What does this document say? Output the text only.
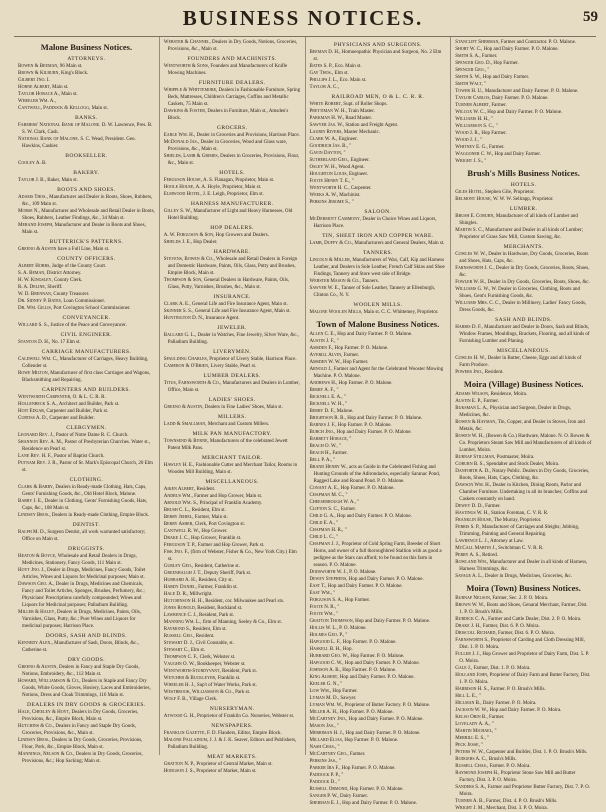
BUSINESS NOTICES.	59
Malone Business Notices.
ATTORNEYS.
Bowen & Beeman, 96 Main st.
Brown & Kilburn, King's Block.
Gilbert Jno. I.
Horne Albert, Main st.
Taylor Horace A., Main st.
Wheeler Wm. A.,
Cantwell, Paddock & Kellogg, Main st.
BANKS.
Farmers' National Bank of Malone. D. W. Lawrence, Pres. B. S. W. Clark, Cash.
National Bank of Malone. S. C. Wead, President. Geo. Hawkins, Cashier.
BOOKSELLER.
Cooley A. B.
BAKERY.
Taylor J. B., Baker, Main st.
BOOTS AND SHOES.
Adams Thos., Manufacturer and Dealer in Boots, Shoes, Rubbers, &c., 109 Main st.
Morse N., Manufacturer and Wholesale and Retail Dealer in Boots, Shoes, Rubbers, Leather Findings, &c., 34 Main st.
Merand Joseph, Manufacturer and Dealer in Boots and Shoes, Main st.
BUTTERICK'S PATTERNS.
Greeno & Austin have a Full Line, Main st.
COUNTY OFFICERS.
Albert Hobbs, Judge of the County Court.
S. A. Beman, District Attorney.
H. W. Kingsley, County Clerk.
R. A. Deline, Sheriff.
W. D. Brennan, County Treasurer.
Dr. Sidney P. Bates, Loan Commissioner.
Dr. Wm. Gillis, Port Covington School Commissioner.
CONVEYANCER.
Willard S. S., Justice of the Peace and Conveyancer.
CIVIL ENGINEER.
Stanton D. H., No. 17 Elm st.
CARRIAGE MANUFACTURERS.
Caldwell Wm. C., Manufacturer of Carriages, Heavy Building, Collender st.
Rowe Milton, Manufacturer of first class Carriages and Wagons, Blacksmithing and Repairing.
CARPENTERS AND BUILDERS.
Wentworth Carpenter, O. & L. C. R. R.
Hollenbeck S. A., Architect and Builder, Park st.
Hoit Edgar, Carpenter and Builder, Park st.
Curtiss A. D., Carpenter and Builder.
CLERGYMEN.
Leonard Rev. J., Pastor of Notre Dame R. C. Church.
Shannon Rev. A. M., Pastor of Presbyterian Churches. Water st., Residence on Pearl st.
Lane Rev. H. F., Pastor of Baptist Church.
Putnam Rev. J. R., Pastor of St. Mark's Episcopal Church, 20 Elm st.
CLOTHING.
Clark & Barry, Dealers in Ready-made Clothing, Hats, Caps, Gents' Furnishing Goods, &c., Old Hotel Block, Malone.
Barry J. E., Dealer in Clothing, Gents' Furnishing Goods, Hats, Caps, &c., 108 Main st.
Lindsey Bros., Dealers in Ready-made Clothing, Empire Block.
DENTIST.
Ralph M. D., Surgeon Dentist, all work warranted satisfactory; Office on Main st.
DRUGGISTS.
Heaton & Boyce, Wholesale and Retail Dealers in Drugs, Medicines, Stationery, Fancy Goods, 111 Main st.
Hoyt Jno. J., Dealer in Drugs, Medicines, Fancy Goods, Toilet Articles, Wines and Liquors for Medicinal purposes; Main st.
Dawson Geo. A., Dealer in Drugs, Medicines and Chemicals, Fancy and Toilet Articles, Sponges, Brushes, Perfumery, &c.; Physicians' Prescriptions carefully compounded; Wines and Liquors for Medicinal purposes; Palladium Building.
Miller & Haley, Dealers in Drugs, Medicines, Paints, Oils, Varnishes, Glass, Putty, &c.; Pure Wines and Liquors for medicinal purposes; Harrison Place.
DOORS, SASH AND BLINDS.
Kennedy Alex., Manufacturer of Sash, Doors, Blinds, &c., Catherine st.
DRY GOODS.
Greeno & Austin, Dealers in Fancy and Staple Dry Goods, Notions, Embroidery, &c., 112 Main st.
Howard, Williamson & Co., Dealers in Staple and Fancy Dry Goods, White Goods, Gloves, Hosiery, Laces and Embroideries, Notions, Dress and Cloak Trimmings, 116 Main st.
DEALERS IN DRY GOODS & GROCERIES.
Hale, Cheeley & Hoyt, Dealers in Dry Goods, Groceries, Provisions, &c., Empire Block, Main st.
Hutchins & Co., Dealers in Fancy and Staple Dry Goods, Groceries, Provisions, &c., Main st.
Lindsey Bros., Dealers in Dry Goods, Groceries, Provisions, Flour, Pork, &c., Empire Block, Main st.
Mannings, Nelson & Co., Dealers in Dry Goods, Groceries, Provisions, &c.; Hop Sacking; Main st.
Webster & Channel, Dealers in Dry Goods, Notions, Groceries, Provisions, &c., Main st.
FOUNDERS AND MACHINISTS.
Wentworth & Sons, Founders and Manufacturers of Knifle Mowing Machines.
FURNITURE DEALERS.
Whipple & Whittemore, Dealers in Fashionable Furniture, Spring Beds, Mattresses, Children's Carriages, Coffins and Metallic Caskets, 75 Main st.
Dawkins & Foster, Dealers in Furniture, Main st., Amsden's Block.
GROCERS.
Earle Wm. H., Dealer in Groceries and Provisions, Harrison Place.
McDonald Jas., Dealer in Groceries, Wood and Glass ware, Provisions, &c., Main st.
Shields, Lamb & Grimes, Dealers in Groceries, Provisions, Flour, &c., Main st.
HOTELS.
Ferguson House, A. S. Flanagan, Proprietor, Main st.
Hoole House, A. A. Hoyle, Proprietor, Main st.
Elmwood Hotel, J. E. Leigh, Proprietor, Elm st.
HARNESS MANUFACTURER.
Gilley S. W., Manufacturer of Light and Heavy Harnesses, Old Hotel Building.
HOP DEALERS.
A. W. Ferguson & Son, Hop Growers and Dealers.
Shields J. E., Hop Dealer.
HARDWARE.
Stevens, Bowen & Co., Wholesale and Retail Dealers in Foreign and Domestic Hardware, Paints, Oils, Glass, Putty and Brushes, Empire Block, Main st.
Thompson & Son, General Dealers in Hardware, Paints, Oils, Glass, Putty, Varnishes, Brushes, &c., Main st.
INSURANCE.
Clark A. E., General Life and Fire Insurance Agent, Main st.
Skinner S. S., General Life and Fire Insurance Agent, Main st.
Huntington D. N., Insurance Agent.
JEWELER.
Ballard G. L., Dealer in Watches, Fine Jewelry, Silver Ware, &c., Palladium Building.
LIVERYMEN.
Spaulding Charles, Proprietor of Livery Stable, Harrison Place.
Cameron & O'Brien, Livery Stable, Pearl st.
LUMBER DEALERS.
Titus, Farnsworth & Co., Manufacturers and Dealers in Lumber, Office, Main st.
LADIES' SHOES.
Greeno & Austin, Dealers in Fine Ladies' Shoes, Main st.
MILLERS.
Ladd & Smallman, Merchant and Custom Millers.
MILK PAN MANUFACTORY.
Townsend & Byrne, Manufacturers of the celebrated Jewett Patent Milk Pans.
MERCHANT TAILOR.
Hawley H. E., Fashionable Cutter and Merchant Tailor, Rooms in Wooden Mill Building, Main st.
MISCELLANEOUS.
Aiken Albert, Resident.
Andrus Wm., Farmer and Hop Grower, Main st.
Arnold Wm. S., Principal of Franklin Academy.
Brush C. L., Resident, Elm st.
Berry Jehiel, Farmer, Main st.
Berry Asher, Clerk, Port Covington st.
Cantwell R. W., Hop Grower.
Drake J. C., Hop Grower, Franklin st.
Ferguson T. P., Farmer and Hop Grower, Park st.
Fisk Jno. F., (firm of Webster, Fisher & Co., New York City.) Elm st.
Gurley Geo., Resident, Catherine st.
Greenhalgh J. T., Deputy Sheriff, Park st.
Hubbard A. H., Resident, City st.
Hardy Daniel, Farmer, Franklin st.
Hale D. R., Millwright.
Hutchinson H. H., Resident, cor. Milwaukee and Pearl sts.
Jones Ronold, Resident, Rockland st.
Lawrence C. J., Resident, Park st.
Manning Wm. L., firm of Manning, Seeley & Co., Elm st.
Raymond S., Resident, Elm st.
Russell Geo., Resident.
Stewart D. J., Civil Constable, st.
Stewart C., Elm st.
Thompson C. F., Clerk, Webster st.
Vaughn O. W., Bookkeeper, Webster st.
Wentworth-Sturdyvant, Resident, Park st.
Wetcher & Buckleyer, Franklin st.
Wheeler H. J., Sup't of Water Works, Park st.
Westbrook, Williamson & Co., Park st.
Wolf F. B., Village Clerk.
NURSERYMAN.
Atwood G. H., Proprietor of Franklin Co. Nurseries, Webster st.
NEWSPAPERS.
Franklin Gazette, F. D. Flanders, Editor, Empire Block.
Malone Palladium, J. J. & J. K. Seaver, Editors and Publishers, Palladium Building.
MEAT MARKETS.
Gratton N. P., Proprietor of Central Market, Main st.
Hodgson J. S., Proprietor of Market, Main st.
PHYSICIANS AND SURGEONS.
Beeman D. H., Homoeopathic Physician and Surgeon, No. 2 Elm st.
Bates S. P., Eco. Main st.
Gay Thos., Elm st.
Phillips J. L., Eco. Main st.
Taylor A. C.,
RAILROAD MEN, O & L. C. R. R.
White Robert, Supt. of Roller Shops.
Prettiman W. H., Train Master.
Parkman H. W., Road Master.
Sawyer Jas. W., Station and Freight Agent.
Laurin Rivers, Master Mechanic.
Clark W. A., Engineer.
Goodrich Jas. B., "
Gavin Dayton, "
Sutherland Geo., Engineer.
Osley W. H., Wood Agent.
Houghton Louis, Engineer.
Foote Henry T. E., "
Wentworth H. C., Carpenter.
Weeks A. W., Machinist.
Perkins Jerome S., "
SALOON.
McDermott Cammony, Dealer in Choice Wines and Liquors, Harrison Place.
TIN, SHEET IRON AND COPPER WARE.
Lamb, Duffy & Co., Manufacturers and General Dealers, Main st.
TANNERS.
Lincoln & Miller, Manufacturers of Wax, Calf, Kip and Harness Leather, and Dealers in Sole Leather, French Calf Skins and Shoe Findings, Tannery and Store west side of Bridge.
Webster Mason & Co., Tanners.
Sawyer W. E., Tanner of Sole Leather, Tannery at Ellenburgh, Clinton Co., N. Y.
WOOLEN MILLS.
Malone Woolen Mills, Main st. C. C. Whittemey, Proprietor.
Town of Malone Business Notices.
Allen C. E., Hop and Dairy Farmer. P. O. Malone.
Austin J. F., "
Amsden F., Hop Farmer. P. O. Malone.
Averill Alvin, Farmer.
Amsden W. W., Hop Farmer.
Arnold J., Farmer and Agent for the Celebrated Wooster Mowing Machine. P. O. Malone.
Andrews H., Hop Farmer. P. O. Malone.
Berry A. F., "
Bicknell E. A., "
Bicknell W. H., "
Berry D. F., Malone.
Brightson R. B., Hop and Dairy Farmer. P. O. Malone.
Barnes J. F., Hop Farmer. P. O. Malone.
Burch Jno., Hop and Dairy Farmer. P. O. Malone.
Barrett Horace, "
Beach O. W., "
Beach H., Farmer.
Bell P. A., "
Brand Henry W., acts as Guide in the Celebrated Fishing and Hunting Grounds of the Adirondacks, especially Saranac Pond, Ragged Lake and Round Pond. P. O. Malone.
Conant A. E., Hop Farmer. P. O. Malone.
Chapman M. C., "
Cheesebrough W. A., "
Clifton S. C., Farmer.
Child G. A., Hop and Dairy Farmer. P. O. Malone.
Child E. A., "
Chapman H. R., "
Child L. C., "
Chapman J. J., Proprietor of Cold Spring Farm, Breeder of Short Horns, and owner of a full thoroughbred Stallion with as good a pedigree as the Stars can afford; to be found on this farm in season. P. O. Malone.
Dodsworth W. J., P. O. Malone.
Dewey Stephens, Hop and Dairy Farmer. P. O. Malone.
East T., Hop and Dairy Farmer. P. O. Malone.
East Wm., "
Ferguson S. A., Hop Farmer.
Foote N. R., "
Foote Wm., "
Gratton Thompson, Hop and Dairy Farmer. P. O. Malone.
Hollis W. L., P. O. Malone.
Holmes Geo. P., "
Hapgood L. F., Hop Farmer. P. O. Malone.
Haskell B. H., Hop.
Hubbard Geo. W., Hop Farmer. P. O. Malone.
Hapgood C. W., Hop and Dairy Farmer. P. O. Malone.
Johnson A. B., Hop Farmer. P. O. Malone.
King Albert, Hop and Dairy Farmer. P. O. Malone.
Keeler G. N., "
Low Wm., Hop Farmer.
Lyman M. D., Sawyer.
Lyman Wm. W., Proprietor of Butter Factory. P. O. Malone.
Miller A. H., Hop Farmer. P. O. Malone.
McCartney Jno., Hop and Dairy Farmer. P. O. Malone.
Mason Jas., "
Merriman H. J., Hop and Dairy Farmer. P. O. Malone.
Millard Elias, Hop Farmer. P. O. Malone.
Nash Chas., "
McCartney Geo., Farmer.
Perkins Jas., "
Parker Ira F., Hop Farmer. P. O. Malone.
Paddock P. P., "
Paddock D., "
Russell Ormond, Hop Farmer. P. O. Malone.
Sanger P. W., Dairy Farmer.
Sherman E. J., Hop and Dairy Farmer. P. O. Malone.
Stanclift Sherman, Farmer and Contractor. P. O. Malone.
Short W. C., Hop and Dairy Farmer. P. O. Malone.
Smith S. A., Farmer.
Spencer Geo. D., Hop Farmer.
Spencer Geo., "
Smith S. W., Hop and Dairy Farmer.
Smith Walt, "
Tower H. U., Manufacturer and Dairy Farmer. P. O. Malone.
Taylor Carlos, Dairy Farmer. P. O. Malone.
Turner Albert, Farmer.
Wilcox W. C., Hop and Dairy Farmer. P. O. Malone.
Williams H. H., "
Williamson S. C., "
Wood J. R., Hop Farmer.
Wood J. J., "
Whitney E. G., Farmer.
Waggoner C. W., Hop and Dairy Farmer.
Wright J. S., "
Brush's Mills Business Notices.
HOTELS.
Giles Hotel, Stephen Gile, Proprietor.
Belmont House, W. W. W. Sellrapp, Proprietor.
LUMBER.
Brush E. Coburn, Manufacturer of all kinds of Lumber and Shingles.
Martin S. C., Manufacturer and Dealer in all kinds of Lumber; Proprietor of Grass Saw Mill, Custom Sawing, &c.
MERCHANTS.
Cowles W. W., Dealer in Hardware, Dry Goods, Groceries, Boots and Shoes, Hats, Caps, &c.
Farnsworth J. C., Dealer in Dry Goods, Groceries, Boots, Shoes, &c.
Fowler W. H., Dealer in Dry Goods, Groceries, Boots, Shoes, &c.
Williams G. W., W. Dealer in Groceries, Clothing, Boots and Shoes, Gent's Furnishing Goods, &c.
Williams Mrs. C. C., Dealer in Millinery, Ladies' Fancy Goods, Dress Goods, &c.
SASH AND BLINDS.
Harris D. F., Manufacturer and Dealer in Doors, Sash and Blinds, Window Frames, Mouldings, Brackets, Flooring, and all kinds of Furnishing Lumber and Planing.
MISCELLANEOUS.
Cowles H. W., Dealer in Butter, Cheese, Eggs and all kinds of Farm Produce.
Powers Jno., Resident.
Moira (Village) Business Notices.
Adams Wilson, Residence, Moira.
Austin E. P., Farmer.
Buksman L. A., Physician and Surgeon, Dealer in Drugs, Medicines, &c.
Bowen & Hayman, Tin, Copper, and Dealer in Stoves, Iron and Metals, &c.
Bowen W. H., (Bowen & Co.) Hardware, Malone. N. O. Bowen & Co. Proprietors Steam Saw Mill and Manufacturers of all kinds of Lumber, Moira.
Burnap Stillman, Postmaster, Moira.
Coburn B. S., Spendalter and Stock Dealer, Moira.
Danforth A. D., Notary Public. Dealers in Dry Goods, Groceries, Boots, Shoes, Hats, Caps, Clothing, &c.
Dawson Wm. H., Dealer in Kitchen, Dining Room, Parlor and Chamber Furniture. Undertaking in all its branches; Coffins and Caskets constantly on hand.
Dewey D. D., Farmer.
Hastings W. H., Station Foreman, C. V. R. R.
Franklin House, The Murray, Proprietor.
Ferris S. P., Manufacturer of Carriages and Sleighs; Jobbing, Trimming, Painting and General Repairing.
Lawrence L. J., Attorney at Law.
McCall Martin J., Switchman C. V. R. R.
Perry A. S., Retired.
Rowland Wm., Manufacturer and Dealer in all kinds of Harness, Harness Trimmings, &c.
Savage A. L., Dealer in Drugs, Medicines, Groceries, &c.
Moira (Town) Business Notices.
Burnap Nelson, Farmer, Sec. 2. P. O. Moira.
Brown W. W., Boots and Shoes, Genaral Merchant, Farmer, Dist. 1. P. O. Brush's Mills.
Burdick C. A., Farmer and Cattle Dealer, Dist. 2. P. O. Moira.
Drake J. H., Farmer, Dist. 6. P. O. Moira.
Driscoll Richard, Farmer, Dist. 6. P. O. Moira.
Farnsworth S., Proprietor of Carding and Cloth Dressing Mill, Dist. 1. P. O. Moira.
Fuller J. J., Hop Grower and Proprietor of Dairy Farm, Dist. 5. P. O. Moira.
Gale J., Farmer, Dist. 1. P. O. Moira.
Holland John, Proprietor of Dairy Farm and Butter Factory, Dist. 1. P. O. Moira.
Harrison H. S., Farmer. P. O. Brush's Mills.
Hill L. E., "
Hillman B., Dairy Farmer. P. O. Moira.
Jackson W. W., Hop and Dairy Farmer. P. O. Moira.
Kelso Orin B., Farmer.
Lovelady A. A., "
Martin Michael, "
Merrill E. S., "
Peck Jesse, "
Peters W. W., Carpenter and Builder, Dist. 1. P. O. Brush's Mills.
Rodgers A. C., Brush's Mills.
Russell Chas., Farmer. P. O. Moira.
Raymond Joseph H., Proprietor Stone Saw Mill and Butter Factory, Dist. 3. P. O. Moira.
Sanders S. A., Farmer and Proprietor Butter Factory, Dist. 7. P. O. Moira.
Turner A. B., Farmer, Dist. 4. P. O. Brush's Mills.
Wright J. M., Merchant, Dist. 3. P. O. Moira.
